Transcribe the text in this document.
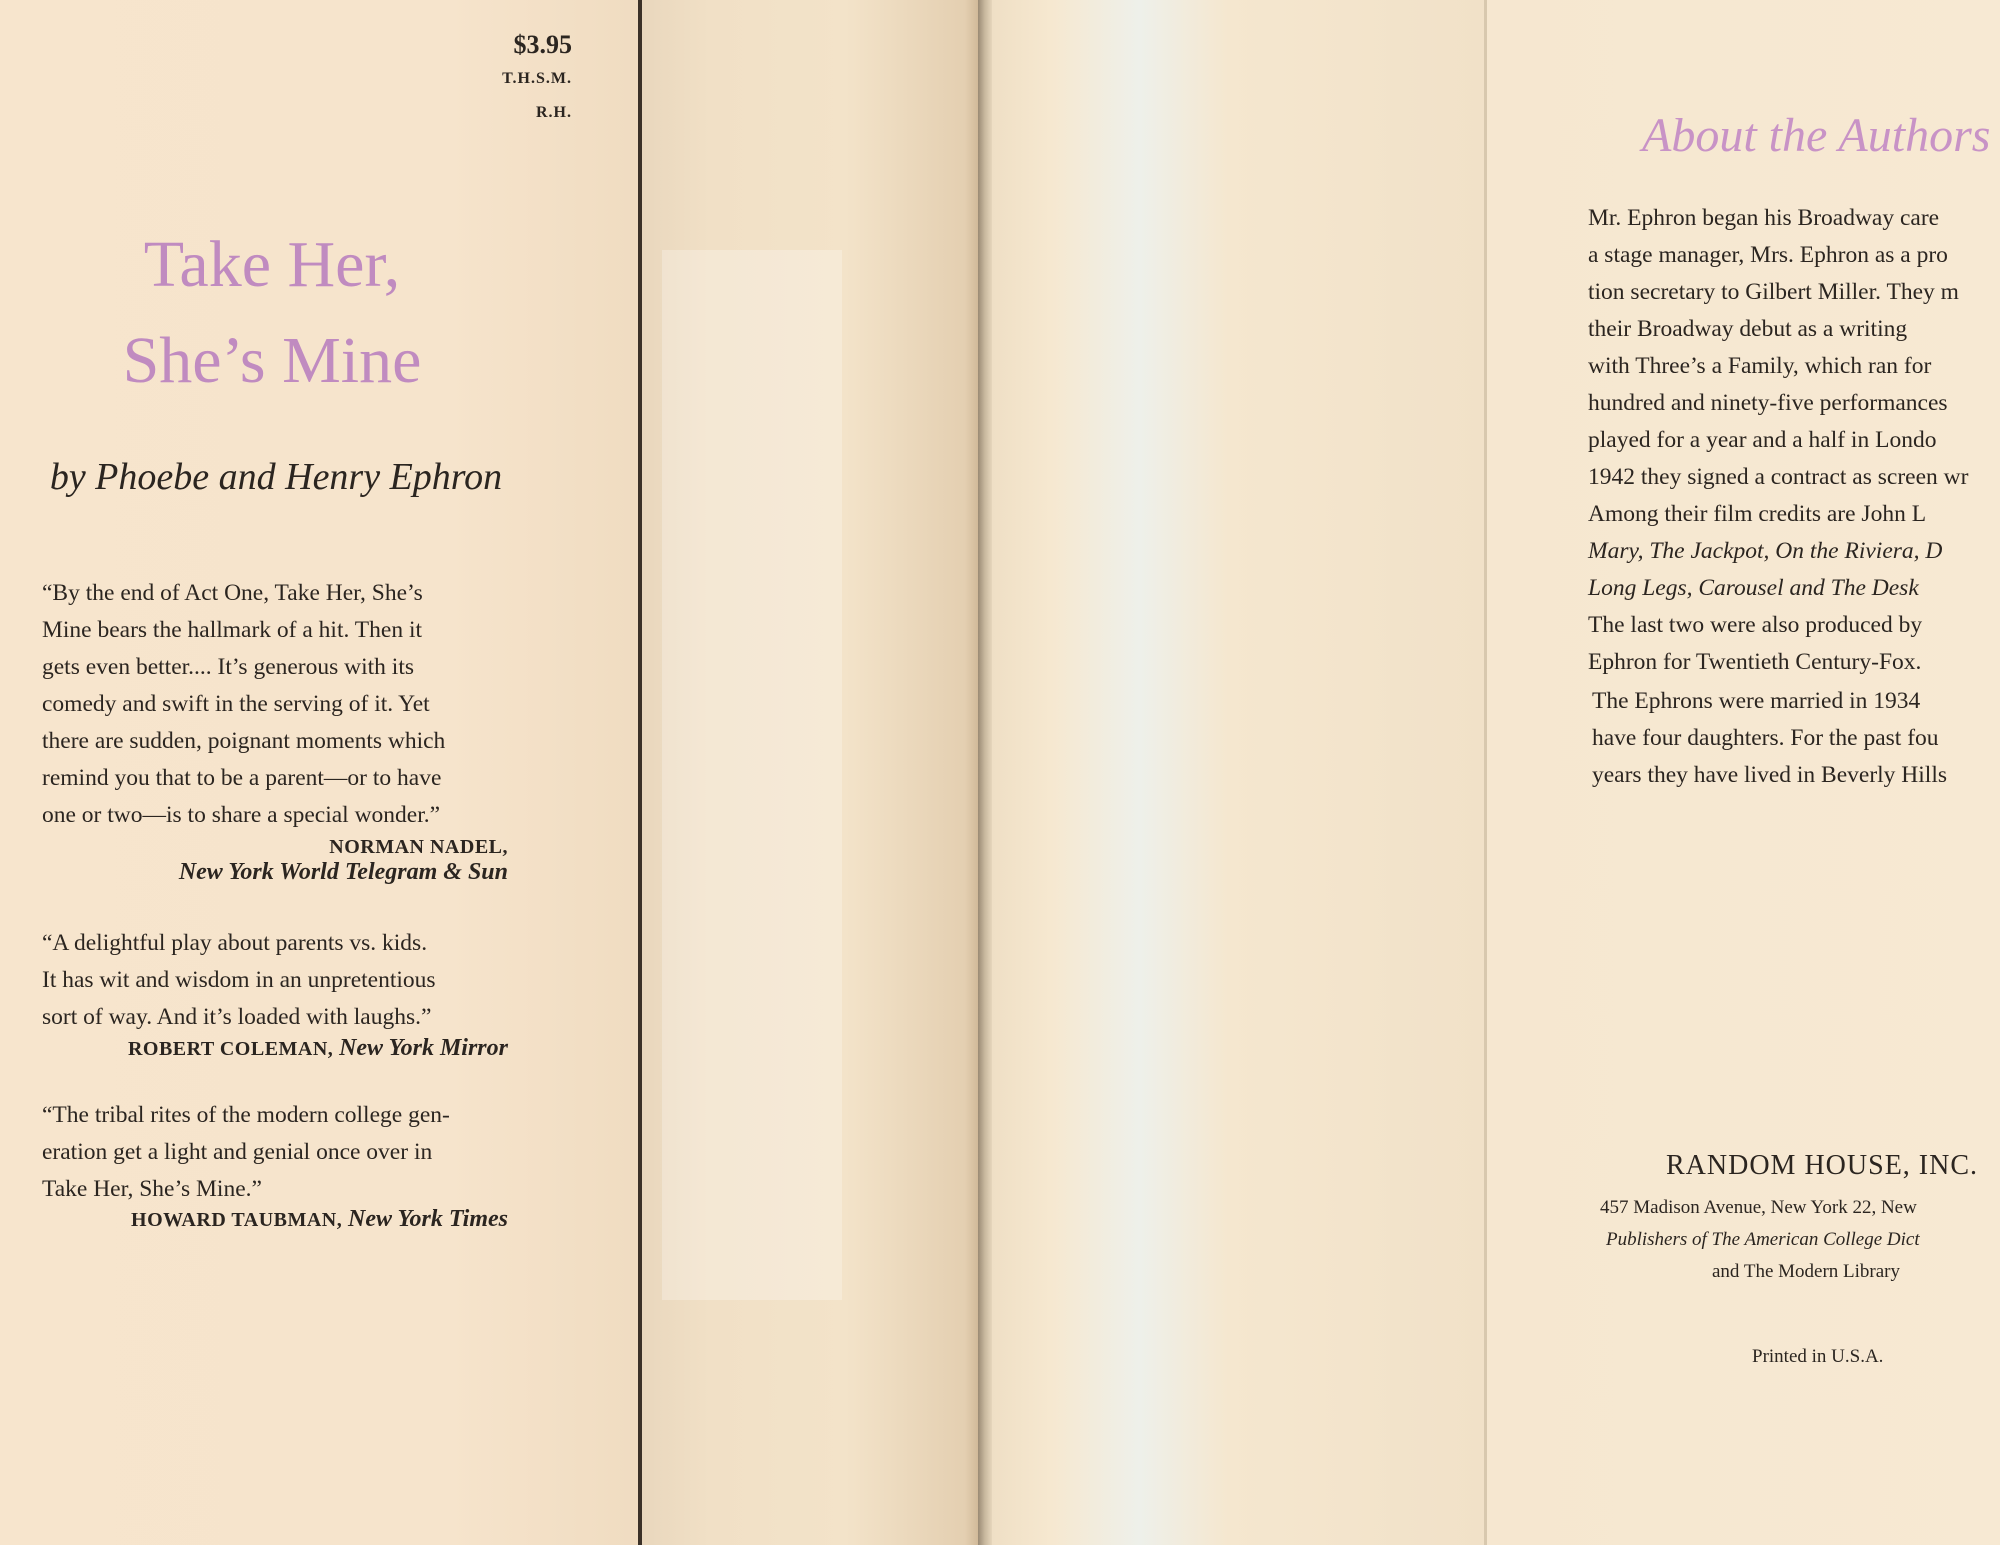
$3.95
T.H.S.M.
R.H.
Take Her,
She’s Mine
by Phoebe and Henry Ephron
“By the end of Act One, Take Her, She’s
Mine bears the hallmark of a hit. Then it
gets even better.... It’s generous with its
comedy and swift in the serving of it. Yet
there are sudden, poignant moments which
remind you that to be a parent—or to have
one or two—is to share a special wonder.”
NORMAN NADEL,
New York World Telegram & Sun
“A delightful play about parents vs. kids.
It has wit and wisdom in an unpretentious
sort of way. And it’s loaded with laughs.”
ROBERT COLEMAN, New York Mirror
“The tribal rites of the modern college gen-
eration get a light and genial once over in
Take Her, She’s Mine.”
HOWARD TAUBMAN, New York Times
About the Authors
Mr. Ephron began his Broadway care
a stage manager, Mrs. Ephron as a pro
tion secretary to Gilbert Miller. They m
their Broadway debut as a writing
with Three’s a Family, which ran for
hundred and ninety-five performances
played for a year and a half in Londo
1942 they signed a contract as screen wr
Among their film credits are John L
Mary, The Jackpot, On the Riviera, D
Long Legs, Carousel and The Desk
The last two were also produced by
Ephron for Twentieth Century-Fox.
The Ephrons were married in 1934
have four daughters. For the past fou
years they have lived in Beverly Hills
RANDOM HOUSE, INC.
457 Madison Avenue, New York 22, New
Publishers of The American College Dict
and The Modern Library
Printed in U.S.A.
